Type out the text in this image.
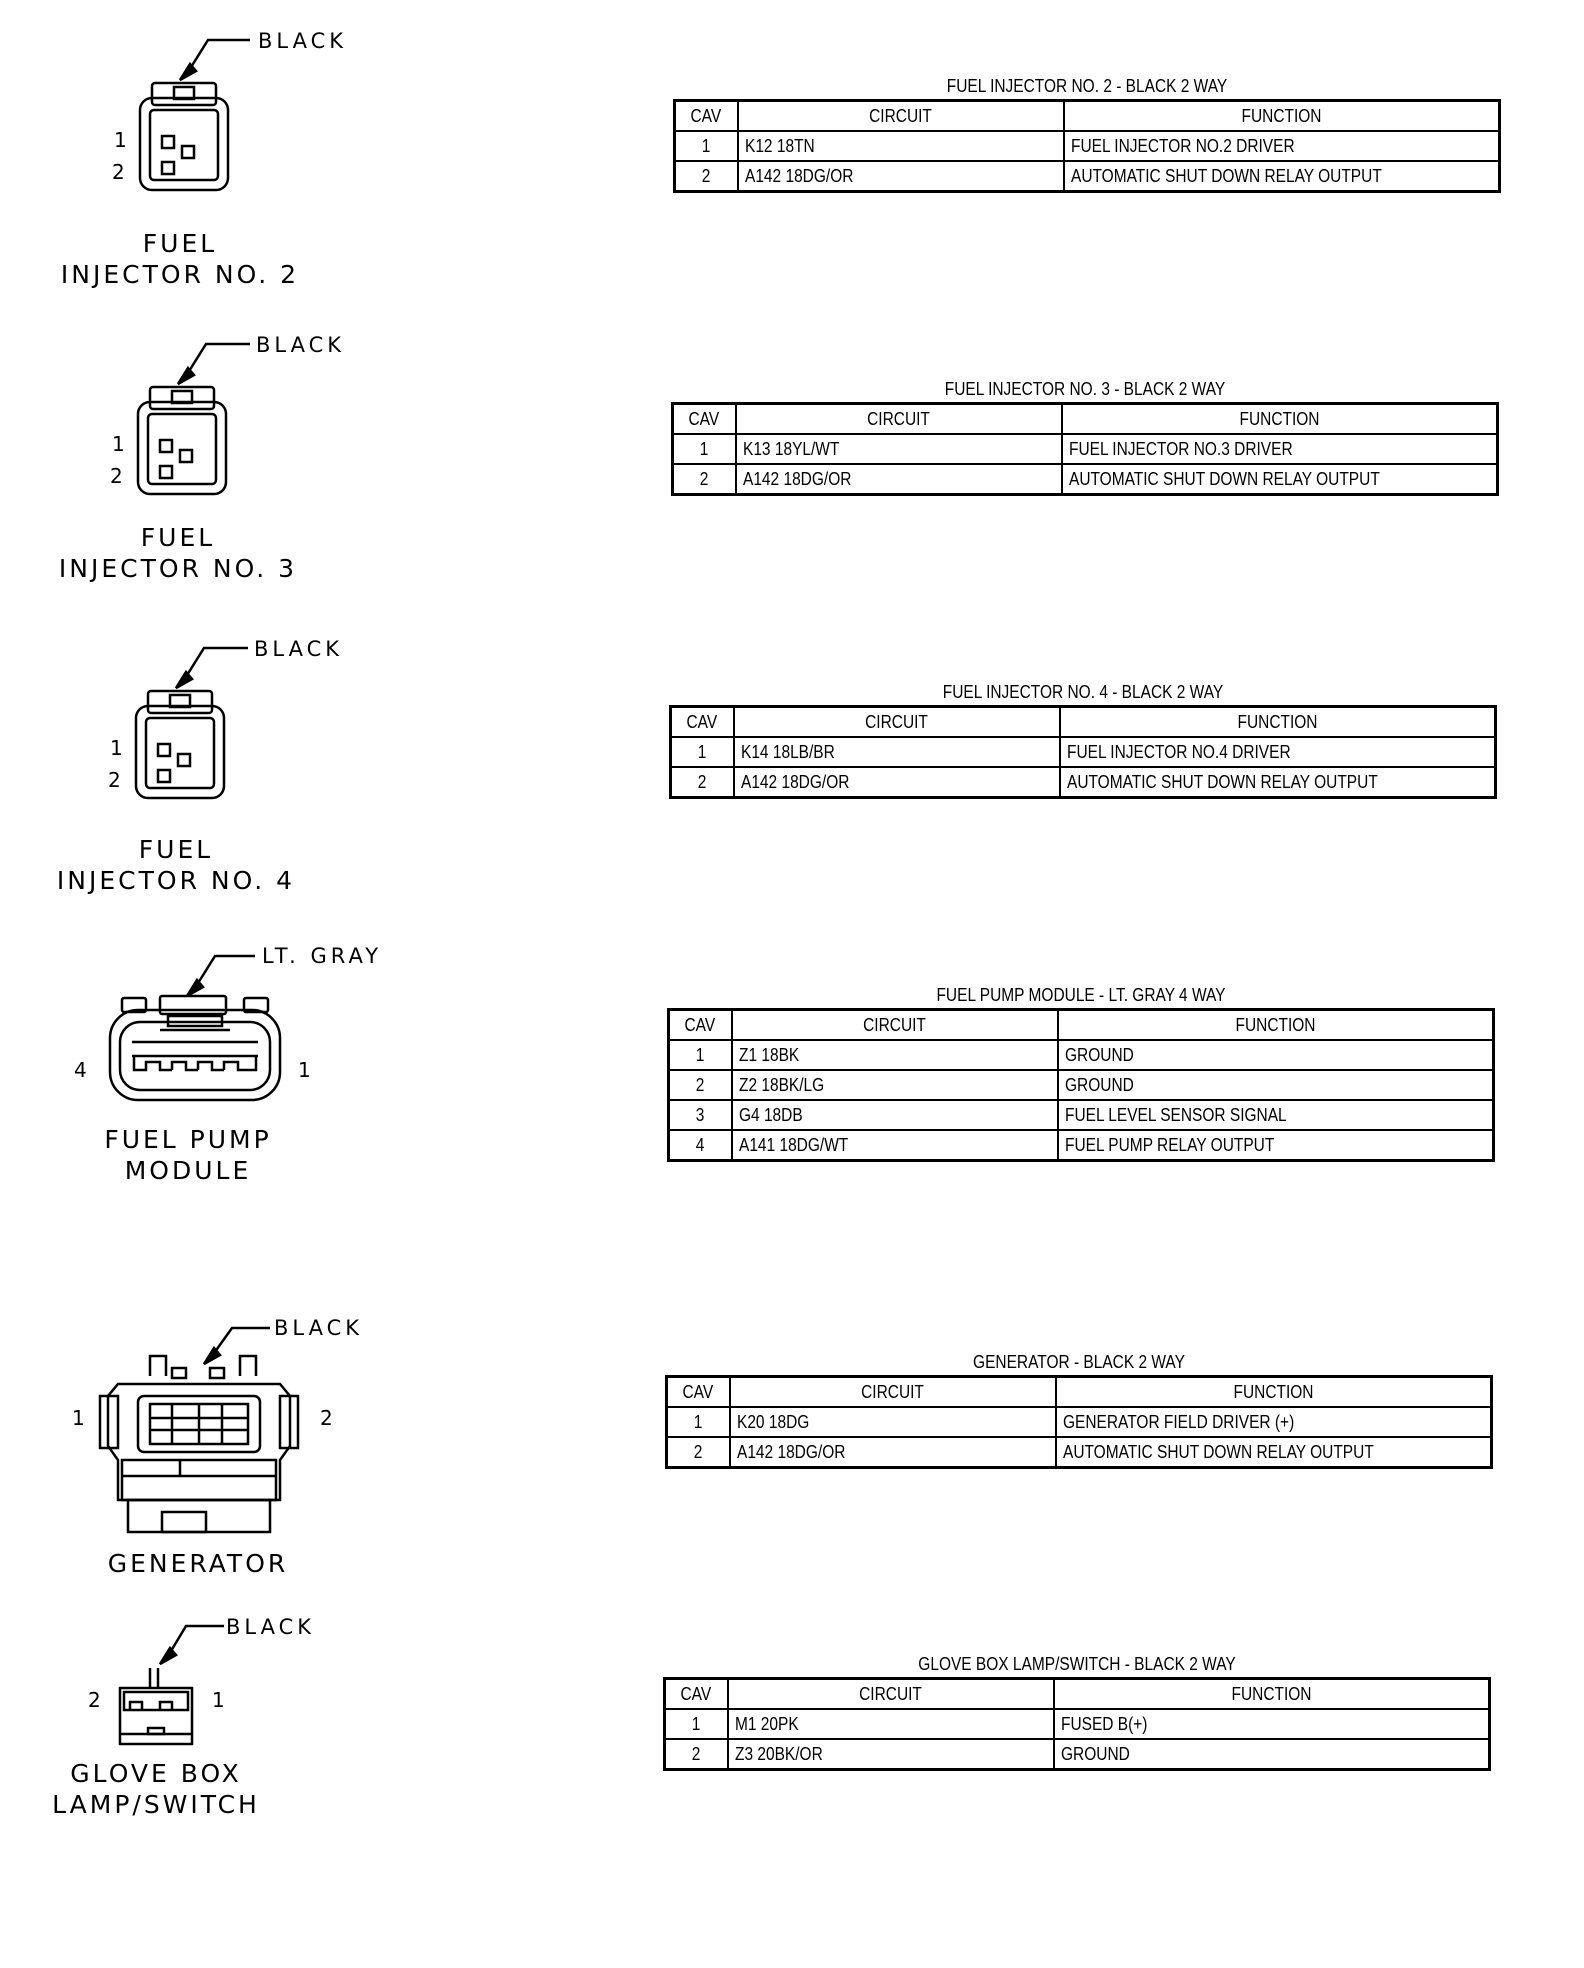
BLACK
1
2
FUEL
INJECTOR NO. 2
FUEL INJECTOR NO. 2 - BLACK 2 WAY
CAV	CIRCUIT	FUNCTION
1	K12 18TN	FUEL INJECTOR NO.2 DRIVER
2	A142 18DG/OR	AUTOMATIC SHUT DOWN RELAY OUTPUT
BLACK
1
2
FUEL
INJECTOR NO. 3
FUEL INJECTOR NO. 3 - BLACK 2 WAY
CAV	CIRCUIT	FUNCTION
1	K13 18YL/WT	FUEL INJECTOR NO.3 DRIVER
2	A142 18DG/OR	AUTOMATIC SHUT DOWN RELAY OUTPUT
BLACK
1
2
FUEL
INJECTOR NO. 4
FUEL INJECTOR NO. 4 - BLACK 2 WAY
CAV	CIRCUIT	FUNCTION
1	K14 18LB/BR	FUEL INJECTOR NO.4 DRIVER
2	A142 18DG/OR	AUTOMATIC SHUT DOWN RELAY OUTPUT
LT. GRAY
4	1
FUEL PUMP
MODULE
FUEL PUMP MODULE - LT. GRAY 4 WAY
CAV	CIRCUIT	FUNCTION
1	Z1 18BK	GROUND
2	Z2 18BK/LG	GROUND
3	G4 18DB	FUEL LEVEL SENSOR SIGNAL
4	A141 18DG/WT	FUEL PUMP RELAY OUTPUT
BLACK
1	2
GENERATOR
GENERATOR - BLACK 2 WAY
CAV	CIRCUIT	FUNCTION
1	K20 18DG	GENERATOR FIELD DRIVER (+)
2	A142 18DG/OR	AUTOMATIC SHUT DOWN RELAY OUTPUT
BLACK
2	1
GLOVE BOX
LAMP/SWITCH
GLOVE BOX LAMP/SWITCH - BLACK 2 WAY
CAV	CIRCUIT	FUNCTION
1	M1 20PK	FUSED B(+)
2	Z3 20BK/OR	GROUND
